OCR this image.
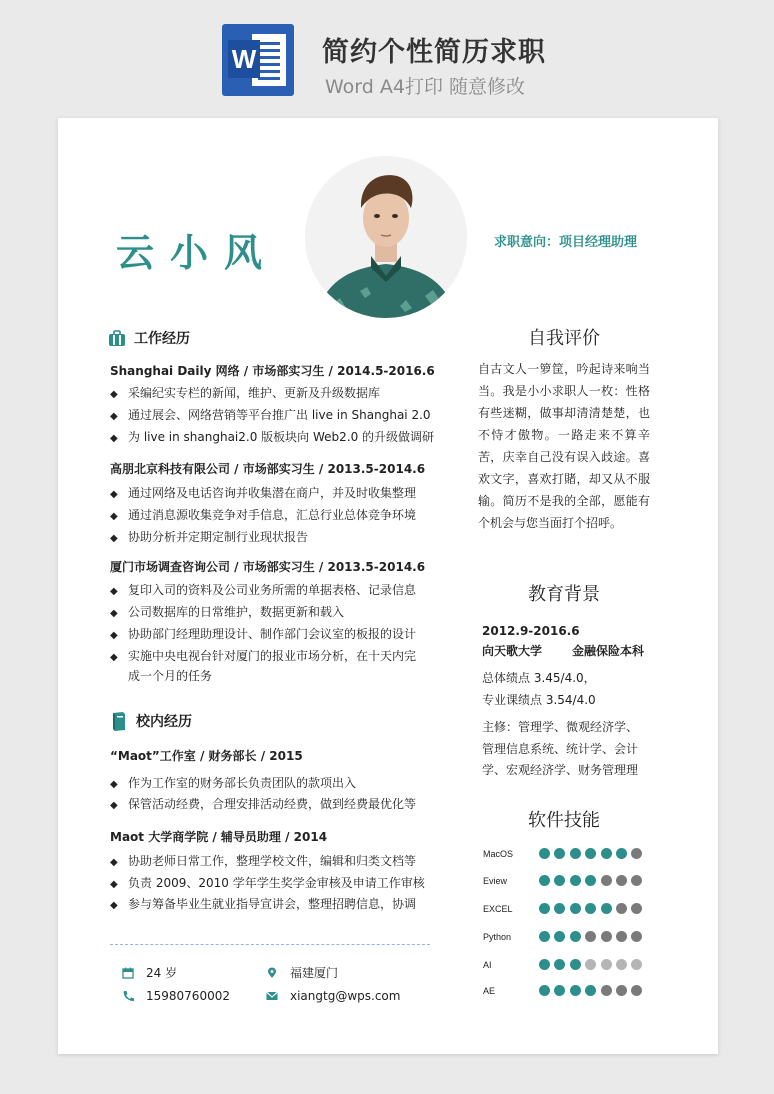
W 简约个性简历求职
Word A4打印 随意修改
云小风	求职意向：项目经理助理
工作经历
Shanghai Daily 网络 / 市场部实习生 / 2014.5-2016.6
◆ 采编纪实专栏的新闻，维护、更新及升级数据库
◆ 通过展会、网络营销等平台推广出 live in Shanghai 2.0
◆ 为 live in shanghai2.0 版板块向 Web2.0 的升级做调研
高朋北京科技有限公司 / 市场部实习生 / 2013.5-2014.6
◆ 通过网络及电话咨询并收集潜在商户，并及时收集整理
◆ 通过消息源收集竞争对手信息，汇总行业总体竞争环境
◆ 协助分析并定期定制行业现状报告
厦门市场调查咨询公司 / 市场部实习生 / 2013.5-2014.6
◆ 复印入司的资料及公司业务所需的单据表格、记录信息
◆ 公司数据库的日常维护，数据更新和载入
◆ 协助部门经理助理设计、制作部门会议室的板报的设计
◆ 实施中央电视台针对厦门的报业市场分析，在十天内完
成一个月的任务
校内经历
“Maot”工作室 / 财务部长 / 2015
◆ 作为工作室的财务部长负责团队的款项出入
◆ 保管活动经费，合理安排活动经费，做到经费最优化等
Maot 大学商学院 / 辅导员助理 / 2014
◆ 协助老师日常工作，整理学校文件，编辑和归类文档等
◆ 负责 2009、2010 学年学生奖学金审核及申请工作审核
◆ 参与筹备毕业生就业指导宣讲会，整理招聘信息，协调
24 岁	福建厦门
15980760002	xiangtg@wps.com
自我评价
自古文人一箩筐，吟起诗来响当当。我是小小求职人一枚：性格有些迷糊，做事却清清楚楚，也不恃才傲物。一路走来不算辛苦，庆幸自己没有误入歧途。喜欢文字，喜欢打賭，却又从不服输。简历不是我的全部，愿能有个机会与您当面打个招呼。
教育背景
2012.9-2016.6
向天歌大学 金融保险本科
总体绩点 3.45/4.0，
专业课绩点 3.54/4.0
主修：管理学、微观经济学、
管理信息系统、统计学、会计
学、宏观经济学、财务管理理
软件技能
MacOS
Eview
EXCEL
Python
AI
AE
